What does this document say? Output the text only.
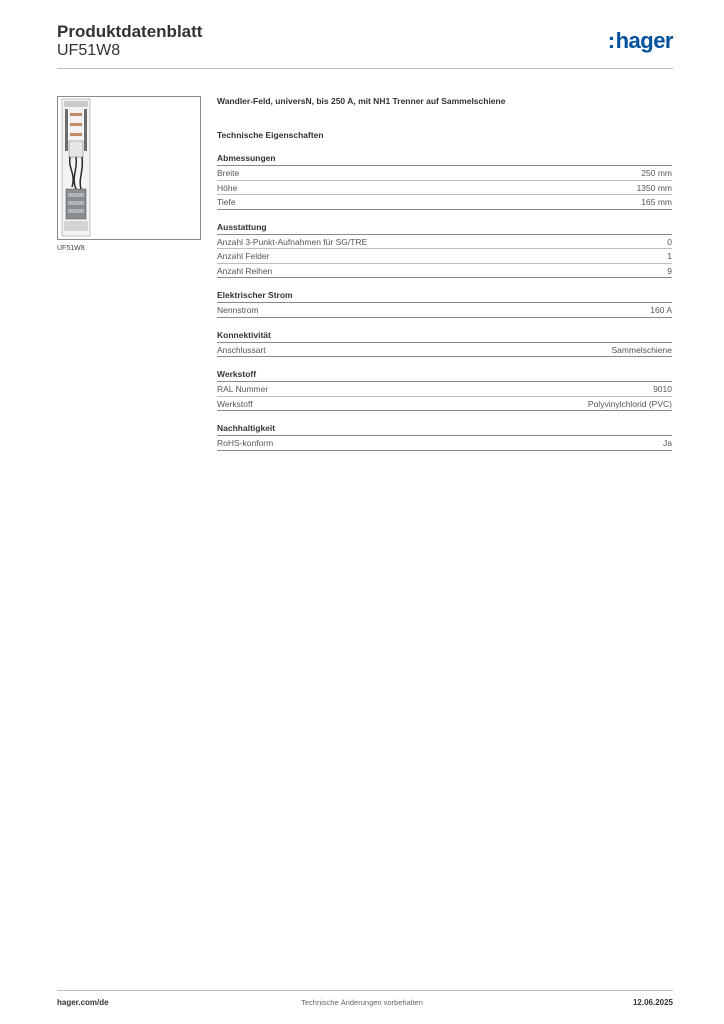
Produktdatenblatt
UF51W8	:hager
UF51W8
Wandler-Feld, universN, bis 250 A, mit NH1 Trenner auf Sammelschiene
Technische Eigenschaften
Abmessungen
Breite	250 mm
Höhe	1350 mm
Tiefe	165 mm
Ausstattung
Anzahl 3-Punkt-Aufnahmen für SG/TRE	0
Anzahl Felder	1
Anzahl Reihen	9
Elektrischer Strom
Nennstrom	160 A
Konnektivität
Anschlussart	Sammelschiene
Werkstoff
RAL Nummer	9010
Werkstoff	Polyvinylchlorid (PVC)
Nachhaltigkeit
RoHS-konform	Ja
hager.com/de	Technische Änderungen vorbehalten	12.06.2025
